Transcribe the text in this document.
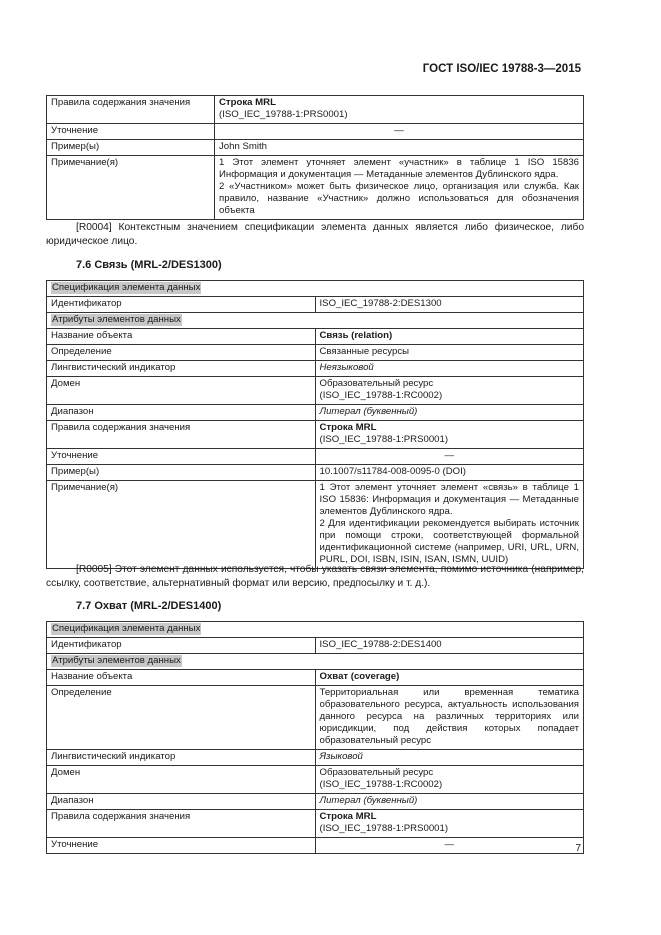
ГОСТ ISO/IEC 19788-3—2015
Правила содержания значения	Строка MRL
(ISO_IEC_19788-1:PRS0001)

Уточнение	—
Пример(ы)	John Smith
Примечание(я)	1 Этот элемент уточняет элемент «участник» в таблице 1 ISO 15836 Информация и документация — Метаданные элементов Дублинского ядра.
2 «Участником» может быть физическое лицо, организация или служба. Как правило, название «Участник» должно использоваться для обозначения объекта

[R0004] Контекстным значением спецификации элемента данных является либо физическое, либо юридическое лицо.

7.6 Связь (MRL-2/DES1300)

Спецификация элемента данных	
Идентификатор	ISO_IEC_19788-2:DES1300
Атрибуты элементов данных	
Название объекта	Связь (relation)
Определение	Связанные ресурсы
Лингвистический индикатор	Неязыковой
Домен	Образовательный ресурс
(ISO_IEC_19788-1:RC0002)

Диапазон	Литерал (буквенный)
Правила содержания значения	Строка MRL
(ISO_IEC_19788-1:PRS0001)

Уточнение	—
Пример(ы)	10.1007/s11784-008-0095-0 (DOI)
Примечание(я)	1 Этот элемент уточняет элемент «связь» в таблице 1 ISO 15836: Информация и документация — Метаданные элементов Дублинского ядра.
2 Для идентификации рекомендуется выбирать источник при помощи строки, соответствующей формальной идентификационной системе (например, URI, URL, URN, PURL, DOI, ISBN, ISIN, ISAN, ISMN, UUID)

[R0005] Этот элемент данных используется, чтобы указать связи элемента, помимо источника (например, ссылку, соответствие, альтернативный формат или версию, предпосылку и т. д.).

7.7 Охват (MRL-2/DES1400)

Спецификация элемента данных	
Идентификатор	ISO_IEC_19788-2:DES1400
Атрибуты элементов данных	
Название объекта	Охват (coverage)
Определение	Территориальная или временная тематика образовательного ресурса, актуальность использования данного ресурса на различных территориях или юрисдикции, под действия которых попадает образовательный ресурс
Лингвистический индикатор	Языковой
Домен	Образовательный ресурс
(ISO_IEC_19788-1:RC0002)

Диапазон	Литерал (буквенный)
Правила содержания значения	Строка MRL
(ISO_IEC_19788-1:PRS0001)

Уточнение	—	7
